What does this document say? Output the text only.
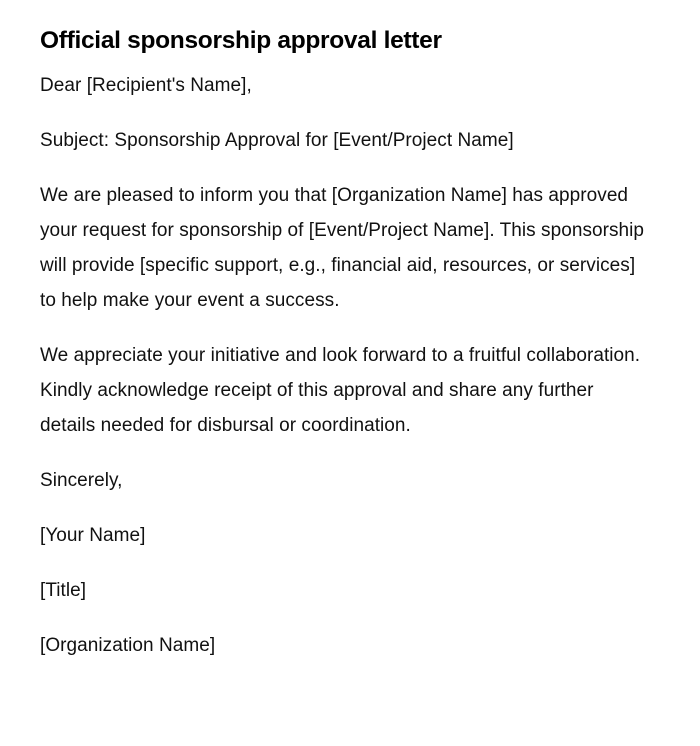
Official sponsorship approval letter

Dear [Recipient's Name],

Subject: Sponsorship Approval for [Event/Project Name]

We are pleased to inform you that [Organization Name] has approved your request for sponsorship of [Event/Project Name]. This sponsorship will provide [specific support, e.g., financial aid, resources, or services] to help make your event a success.

We appreciate your initiative and look forward to a fruitful collaboration. Kindly acknowledge receipt of this approval and share any further details needed for disbursal or coordination.

Sincerely,

[Your Name]

[Title]

[Organization Name]
